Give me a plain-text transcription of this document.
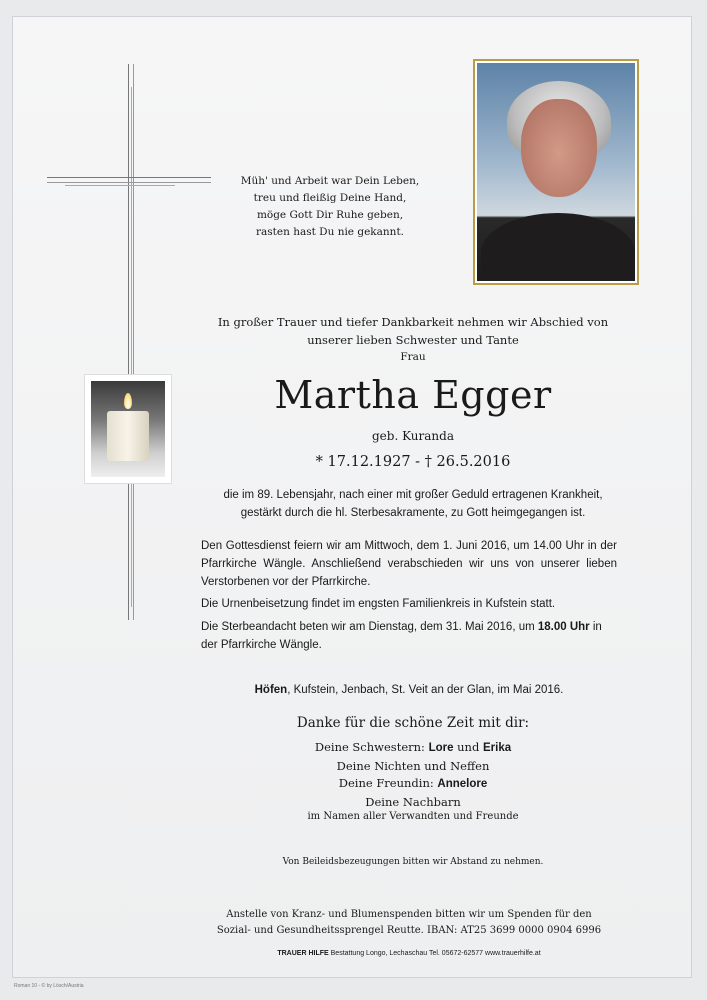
Müh' und Arbeit war Dein Leben,
treu und fleißig Deine Hand,
möge Gott Dir Ruhe geben,
rasten hast Du nie gekannt.
In großer Trauer und tiefer Dankbarkeit nehmen wir Abschied von
unserer lieben Schwester und Tante
Frau
Martha Egger
geb. Kuranda
* 17.12.1927 - † 26.5.2016
die im 89. Lebensjahr, nach einer mit großer Geduld ertragenen Krankheit,
gestärkt durch die hl. Sterbesakramente, zu Gott heimgegangen ist.
Den Gottesdienst feiern wir am Mittwoch, dem 1. Juni 2016, um 14.00 Uhr in der Pfarrkirche Wängle. Anschließend verabschieden wir uns von unserer lieben Verstorbenen vor der Pfarrkirche.
Die Urnenbeisetzung findet im engsten Familienkreis in Kufstein statt.
Die Sterbeandacht beten wir am Dienstag, dem 31. Mai 2016, um 18.00 Uhr in der Pfarrkirche Wängle.
Höfen, Kufstein, Jenbach, St. Veit an der Glan, im Mai 2016.
Danke für die schöne Zeit mit dir:
Deine Schwestern: Lore und Erika
Deine Nichten und Neffen
Deine Freundin: Annelore
Deine Nachbarn
im Namen aller Verwandten und Freunde
Von Beileidsbezeugungen bitten wir Abstand zu nehmen.
Anstelle von Kranz- und Blumenspenden bitten wir um Spenden für den
Sozial- und Gesundheitssprengel Reutte. IBAN: AT25 3699 0000 0904 6996
TRAUER HILFE Bestattung Longo, Lechaschau Tel. 05672-62577 www.trauerhilfe.at
Roman 10 - © by Lösch/Austria
